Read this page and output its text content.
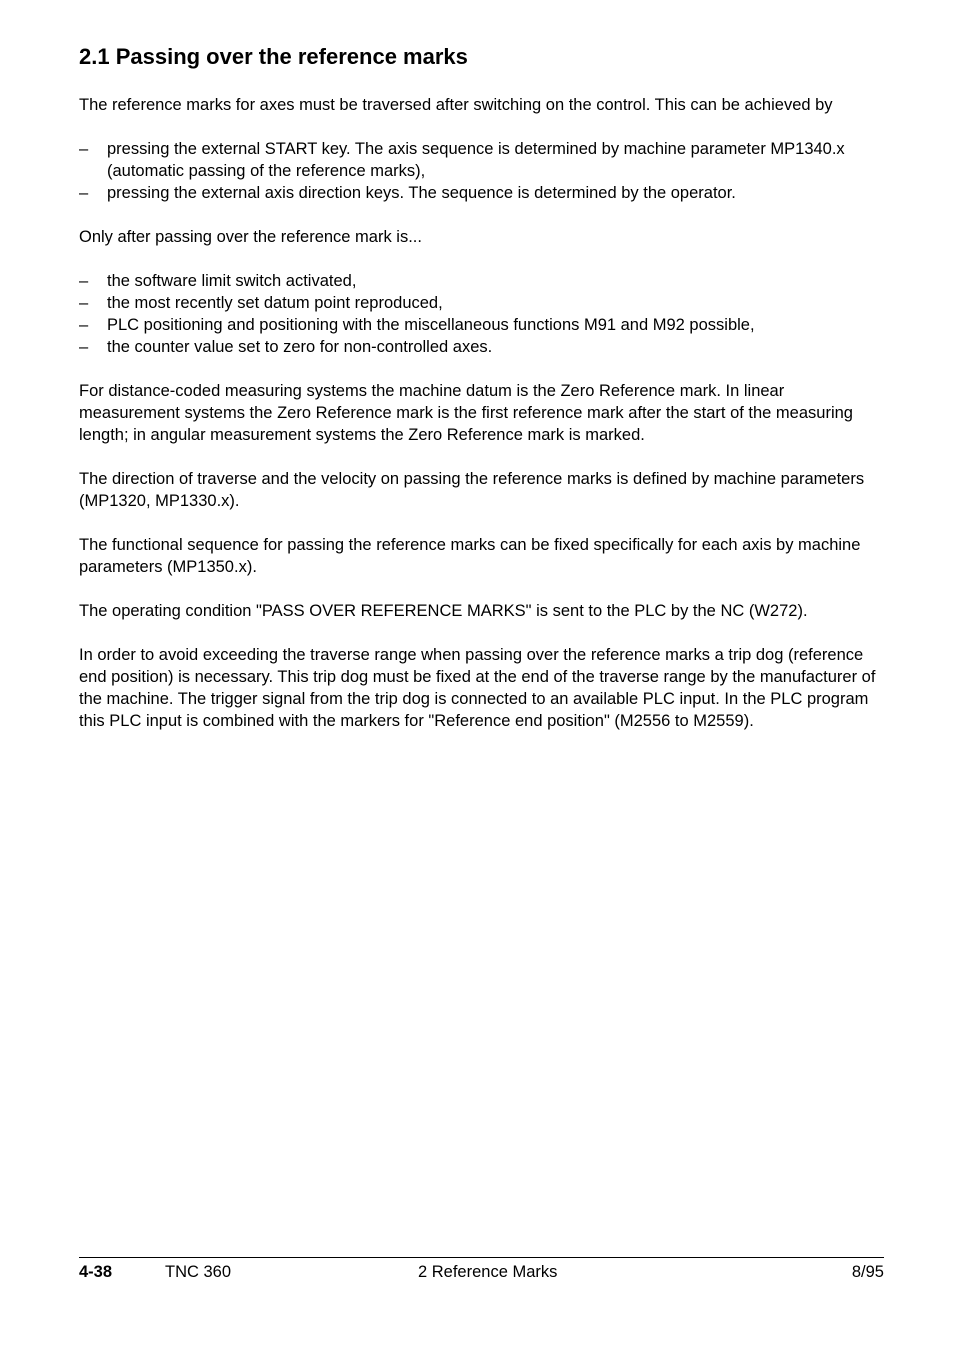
2.1 Passing over the reference marks

The reference marks for axes must be traversed after switching on the control. This can be achieved by

– pressing the external START key. The axis sequence is determined by machine parameter MP1340.x (automatic passing of the reference marks),
– pressing the external axis direction keys. The sequence is determined by the operator.

Only after passing over the reference mark is...

– the software limit switch activated,
– the most recently set datum point reproduced,
– PLC positioning and positioning with the miscellaneous functions M91 and M92 possible,
– the counter value set to zero for non-controlled axes.

For distance-coded measuring systems the machine datum is the Zero Reference mark. In linear measurement systems the Zero Reference mark is the first reference mark after the start of the measuring length; in angular measurement systems the Zero Reference mark is marked.

The direction of traverse and the velocity on passing the reference marks is defined by machine parameters (MP1320, MP1330.x).

The functional sequence for passing the reference marks can be fixed specifically for each axis by machine parameters (MP1350.x).

The operating condition "PASS OVER REFERENCE MARKS" is sent to the PLC by the NC (W272).

In order to avoid exceeding the traverse range when passing over the reference marks a trip dog (reference end position) is necessary. This trip dog must be fixed at the end of the traverse range by the manufacturer of the machine. The trigger signal from the trip dog is connected to an available PLC input. In the PLC program this PLC input is combined with the markers for "Reference end position" (M2556 to M2559).

4-38	TNC 360	2 Reference Marks	8/95
